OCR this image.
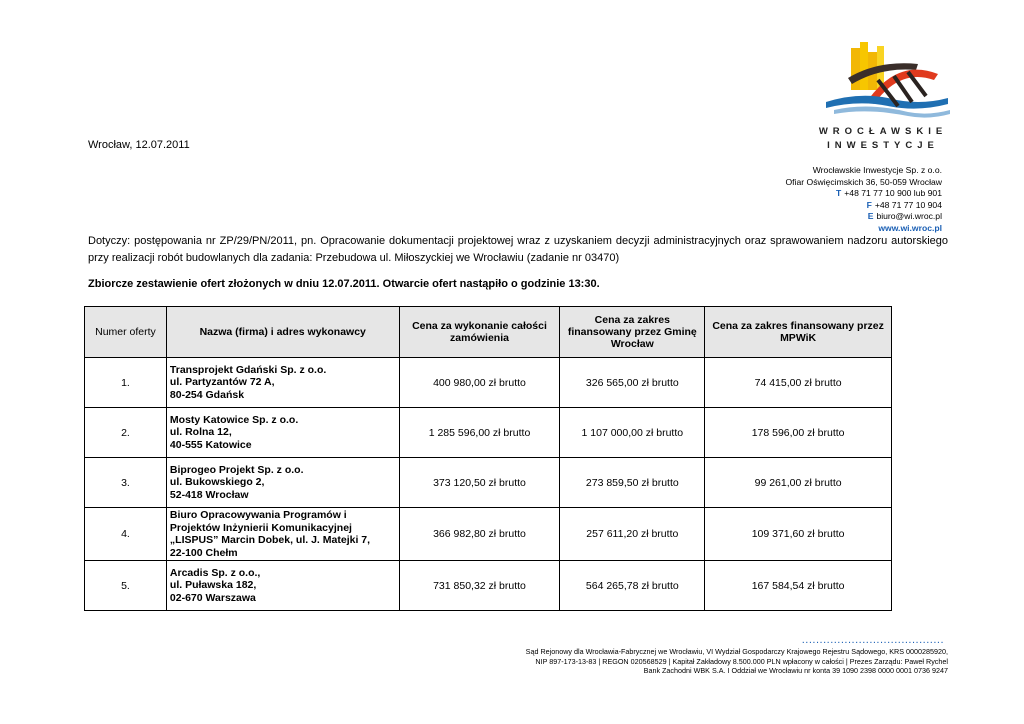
WROCŁAWSKIE
INWESTYCJE
Wrocław, 12.07.2011
Wrocławskie Inwestycje Sp. z o.o.
Ofiar Oświęcimskich 36, 50-059 Wrocław
T +48 71 77 10 900 lub 901
F +48 71 77 10 904
E biuro@wi.wroc.pl
www.wi.wroc.pl
Dotyczy: postępowania nr ZP/29/PN/2011, pn. Opracowanie dokumentacji projektowej wraz z uzyskaniem decyzji administracyjnych oraz sprawowaniem nadzoru autorskiego przy realizacji robót budowlanych dla zadania: Przebudowa ul. Miłoszyckiej we Wrocławiu (zadanie nr 03470)
Zbiorcze zestawienie ofert złożonych w dniu 12.07.2011. Otwarcie ofert nastąpiło o godzinie 13:30.
Numer oferty	Nazwa (firma) i adres wykonawcy	Cena za wykonanie całości zamówienia	Cena za zakres finansowany przez Gminę Wrocław	Cena za zakres finansowany przez MPWiK
1.	Transprojekt Gdański Sp. z o.o.
ul. Partyzantów 72 A,
80-254 Gdańsk	400 980,00 zł brutto	326 565,00 zł brutto	74 415,00 zł brutto
2.	Mosty Katowice Sp. z o.o.
ul. Rolna 12,
40-555 Katowice	1 285 596,00 zł brutto	1 107 000,00 zł brutto	178 596,00 zł brutto
3.	Biprogeo Projekt Sp. z o.o.
ul. Bukowskiego 2,
52-418 Wrocław	373 120,50 zł brutto	273 859,50 zł brutto	99 261,00 zł brutto
4.	Biuro Opracowywania Programów i
Projektów Inżynierii Komunikacyjnej
„LISPUS” Marcin Dobek, ul. J. Matejki 7,
22-100 Chełm	366 982,80 zł brutto	257 611,20 zł brutto	109 371,60 zł brutto
5.	Arcadis Sp. z o.o.,
ul. Puławska 182,
02-670 Warszawa	731 850,32 zł brutto	564 265,78 zł brutto	167 584,54 zł brutto
........................................
Sąd Rejonowy dla Wrocławia-Fabrycznej we Wrocławiu, VI Wydział Gospodarczy Krajowego Rejestru Sądowego, KRS 0000285920,
NIP 897-173-13-83 | REGON 020568529 | Kapitał Zakładowy 8.500.000 PLN wpłacony w całości | Prezes Zarządu: Paweł Rychel
Bank Zachodni WBK S.A. I Oddział we Wrocławiu nr konta 39 1090 2398 0000 0001 0736 9247
